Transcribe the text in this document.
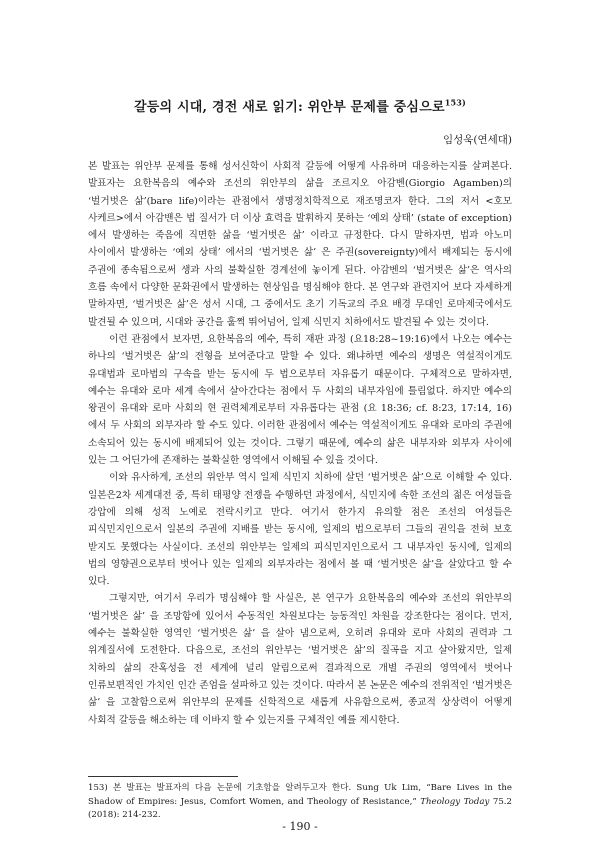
갈등의 시대, 경전 새로 읽기: 위안부 문제를 중심으로$^{153)}$
임성욱(연세대)

본 발표는 위안부 문제를 통해 성서신학이 사회적 갈등에 어떻게 사유하며 대응하는지를 살펴본다. 발표자는 요한복음의 예수와 조선의 위안부의 삶을 조르지오 아감벤(Giorgio Agamben)의 ‘벌거벗은 삶’(bare life)이라는 관점에서 생명정치학적으로 재조명코자 한다. 그의 저서 <호모 사케르>에서 아감밴은 법 질서가 더 이상 효력을 발휘하지 못하는 ‘예외 상태’ (state of exception)에서 발생하는 죽음에 직면한 삶을 ‘벌거벗은 삶’ 이라고 규정한다. 다시 말하자면, 법과 아노미 사이에서 발생하는 ‘예외 상태’ 에서의 ‘벌거벗은 삶’ 은 주권(sovereignty)에서 배제되는 동시에 주권에 종속됨으로써 생과 사의 불확실한 경계선에 놓이게 된다. 아감벤의 ‘벌거벗은 삶’은 역사의 흐름 속에서 다양한 문화권에서 발생하는 현상임을 명심해야 한다. 본 연구와 관련지어 보다 자세하게 말하자면, ‘벌거벗은 삶’은 성서 시대, 그 중에서도 초기 기독교의 주요 배경 무대인 로마제국에서도 발견될 수 있으며, 시대와 공간을 훌쩍 뛰어넘어, 일제 식민지 치하에서도 발견될 수 있는 것이다.

이런 관점에서 보자면, 요한복음의 예수, 특히 재판 과정 (요18:28~19:16)에서 나오는 예수는 하나의 ‘벌거벗은 삶’의 전형을 보여준다고 말할 수 있다. 왜냐하면 예수의 생명은 역설적이게도 유대법과 로마법의 구속을 받는 동시에 두 법으로부터 자유롭기 때문이다. 구체적으로 말하자면, 예수는 유대와 로마 세계 속에서 살아간다는 점에서 두 사회의 내부자임에 틀림없다. 하지만 예수의 왕권이 유대와 로마 사회의 현 권력체계로부터 자유롭다는 관점 (요 18:36; cf. 8:23, 17:14, 16)에서 두 사회의 외부자라 할 수도 있다. 이러한 관점에서 예수는 역설적이게도 유대와 로마의 주권에 소속되어 있는 동시에 배제되어 있는 것이다. 그렇기 때문에, 예수의 삶은 내부자와 외부자 사이에 있는 그 어딘가에 존재하는 불확실한 영역에서 이해될 수 있을 것이다.

이와 유사하게, 조선의 위안부 역시 일제 식민지 치하에 살던 ‘벌거벗은 삶’으로 이해할 수 있다. 일본은2차 세계대전 중, 특히 태평양 전쟁을 수행하던 과정에서, 식민지에 속한 조선의 젊은 여성들을 강압에 의해 성적 노예로 전락시키고 만다. 여기서 한가지 유의할 점은 조선의 여성들은 피식민지인으로서 일본의 주권에 지배를 받는 동시에, 일제의 법으로부터 그들의 권익을 전혀 보호 받지도 못했다는 사실이다. 조선의 위안부는 일제의 피식민지인으로서 그 내부자인 동시에, 일제의 법의 영향권으로부터 벗어나 있는 일제의 외부자라는 점에서 볼 때 ‘벌거벗은 삶’을 살았다고 할 수 있다.

그렇지만, 여기서 우리가 명심해야 할 사실은, 본 연구가 요한복음의 예수와 조선의 위안부의 ‘벌거벗은 삶’ 을 조망함에 있어서 수동적인 차원보다는 능동적인 차원을 강조한다는 점이다. 먼저, 예수는 불확실한 영역인 ‘벌거벗은 삶’ 을 살아 냄으로써, 오히려 유대와 로마 사회의 권력과 그 위계질서에 도전한다. 다음으로, 조선의 위안부는 ‘벌거벗은 삶’의 질곡을 지고 살아왔지만, 일제 치하의 삶의 잔혹성을 전 세계에 널리 알림으로써 결과적으로 개별 주권의 영역에서 벗어나 인류보편적인 가치인 인간 존엄을 설파하고 있는 것이다. 따라서 본 논문은 예수의 전위적인 ‘벌거벗은 삶’ 을 고찰함으로써 위안부의 문제를 신학적으로 새롭게 사유함으로써, 종교적 상상력이 어떻게 사회적 갈등을 해소하는 데 이바지 할 수 있는지를 구체적인 예를 제시한다.

153) 본 발표는 발표자의 다음 논문에 기초함을 알려두고자 한다. Sung Uk Lim, “Bare Lives in the Shadow of Empires: Jesus, Comfort Women, and Theology of Resistance,” Theology Today 75.2 (2018): 214-232.
- 190 -
